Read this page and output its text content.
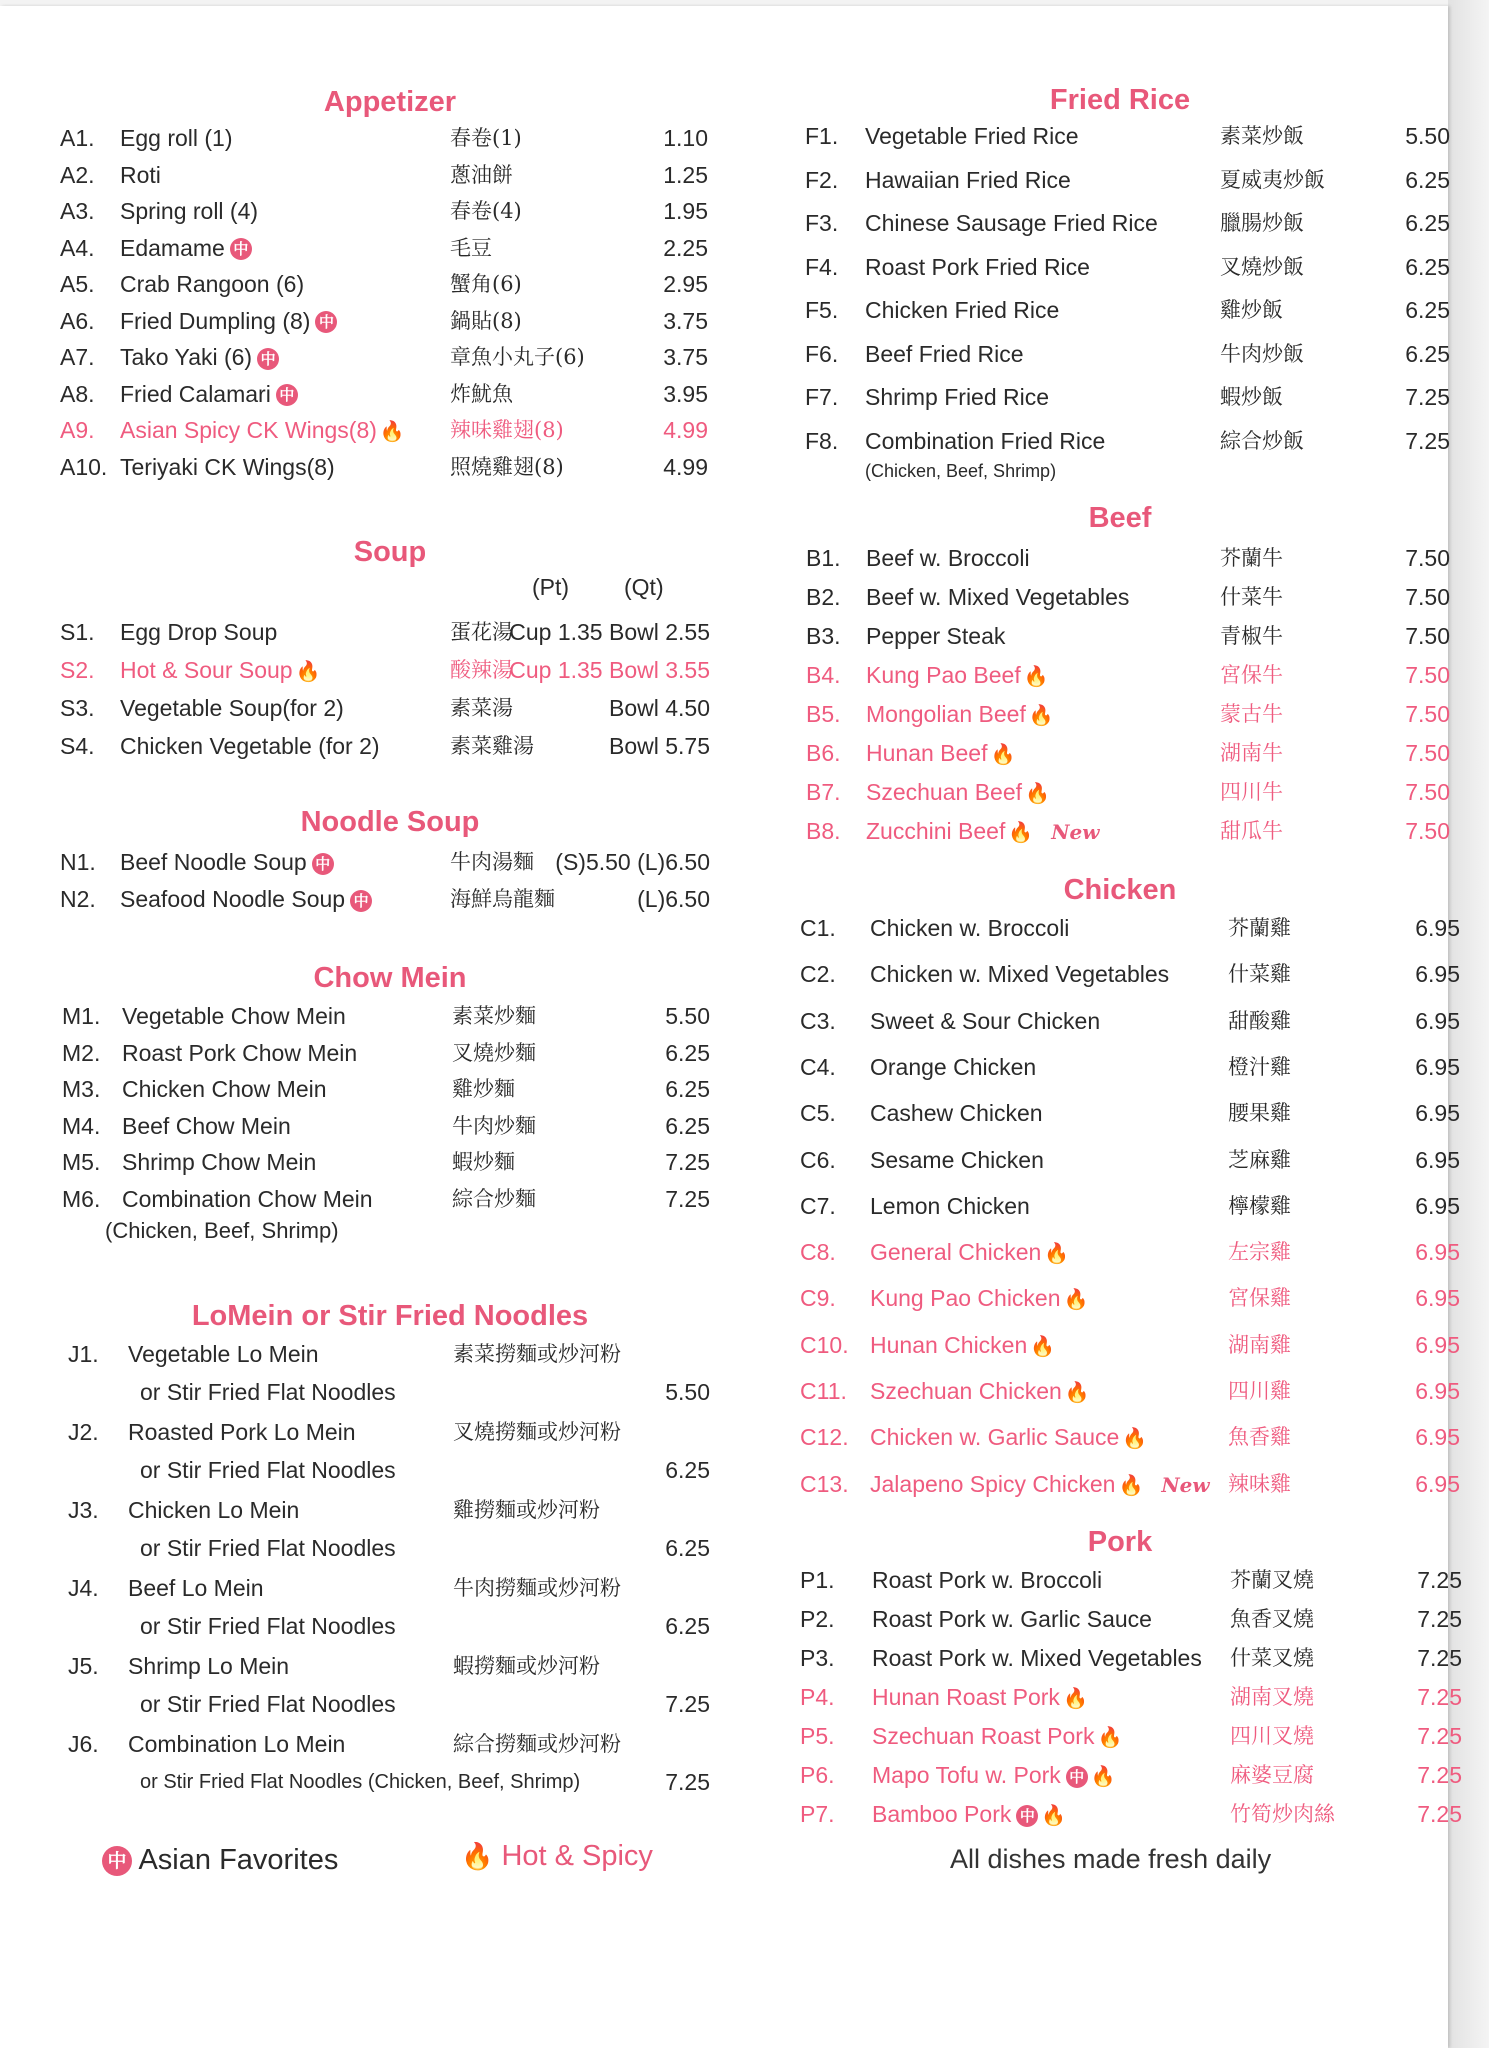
Appetizer
A1. Egg roll (1)	春卷(1)	1.10
A2. Roti	蔥油餅	1.25
A3. Spring roll (4)	春卷(4)	1.95
A4. Edamame 中	毛豆	2.25
A5. Crab Rangoon (6)	蟹角(6)	2.95
A6. Fried Dumpling (8) 中	鍋貼(8)	3.75
A7. Tako Yaki (6) 中	章魚小丸子(6)	3.75
A8. Fried Calamari 中	炸魷魚	3.95
A9. Asian Spicy CK Wings(8) 🔥 辣味雞翅(8)	4.99
A10. Teriyaki CK Wings(8)	照燒雞翅(8)	4.99
Soup
(Pt) (Qt)
S1. Egg Drop Soup	蛋花湯
Cup 1.35 Bowl 2.55
S2. Hot & Sour Soup 🔥	酸辣湯
Cup 1.35 Bowl 3.55
S3. Vegetable Soup(for 2)	素菜湯	Bowl 4.50
S4. Chicken Vegetable (for 2)	素菜雞湯	Bowl 5.75
Noodle Soup
N1. Beef Noodle Soup 中	牛肉湯麵 (S)5.50 (L)6.50
N2. Seafood Noodle Soup 中	海鮮烏龍麵	(L)6.50
Chow Mein
(Chicken, Beef, Shrimp)
M1. Vegetable Chow Mein	素菜炒麵	5.50
M2. Roast Pork Chow Mein	叉燒炒麵	6.25
M3. Chicken Chow Mein	雞炒麵	6.25
M4. Beef Chow Mein	牛肉炒麵	6.25
M5. Shrimp Chow Mein	蝦炒麵	7.25
M6. Combination Chow Mein	綜合炒麵	7.25
LoMein or Stir Fried Noodles
J1. Vegetable Lo Mein	素菜撈麵或炒河粉
5.50
or Stir Fried Flat Noodles
J2. Roasted Pork Lo Mein	叉燒撈麵或炒河粉
6.25
or Stir Fried Flat Noodles
J3. Chicken Lo Mein	雞撈麵或炒河粉
6.25
or Stir Fried Flat Noodles
J4. Beef Lo Mein	牛肉撈麵或炒河粉
6.25
or Stir Fried Flat Noodles
J5. Shrimp Lo Mein	蝦撈麵或炒河粉
7.25
or Stir Fried Flat Noodles
J6. Combination Lo Mein	綜合撈麵或炒河粉
7.25
or Stir Fried Flat Noodles (Chicken, Beef, Shrimp)
中 Asian Favorites	🔥 Hot & Spicy
Fried Rice
F1. Vegetable Fried Rice	素菜炒飯	5.50
F2. Hawaiian Fried Rice	夏威夷炒飯	6.25
F3. Chinese Sausage Fried Rice	臘腸炒飯	6.25
F4. Roast Pork Fried Rice	叉燒炒飯	6.25
F5. Chicken Fried Rice	雞炒飯	6.25
F6. Beef Fried Rice	牛肉炒飯	6.25
F7. Shrimp Fried Rice	蝦炒飯	7.25
F8. Combination Fried Rice	綜合炒飯	7.25
(Chicken, Beef, Shrimp)
Beef
B1. Beef w. Broccoli	芥蘭牛	7.50
B2. Beef w. Mixed Vegetables	什菜牛	7.50
B3. Pepper Steak	青椒牛	7.50
B4. Kung Pao Beef 🔥	宮保牛	7.50
B5. Mongolian Beef 🔥	蒙古牛	7.50
B6. Hunan Beef 🔥	湖南牛	7.50
B7. Szechuan Beef 🔥	四川牛	7.50
B8. Zucchini Beef 🔥 New	甜瓜牛	7.50
Chicken
C1. Chicken w. Broccoli	芥蘭雞	6.95
C2. Chicken w. Mixed Vegetables	什菜雞	6.95
C3. Sweet & Sour Chicken	甜酸雞	6.95
C4. Orange Chicken	橙汁雞	6.95
C5. Cashew Chicken	腰果雞	6.95
C6. Sesame Chicken	芝麻雞	6.95
C7. Lemon Chicken	檸檬雞	6.95
C8. General Chicken 🔥	左宗雞	6.95
C9. Kung Pao Chicken 🔥	宮保雞	6.95
C10. Hunan Chicken 🔥	湖南雞	6.95
C11. Szechuan Chicken 🔥	四川雞	6.95
C12. Chicken w. Garlic Sauce 🔥	魚香雞	6.95
C13. Jalapeno Spicy Chicken 🔥 New 辣味雞	6.95
Pork
P1. Roast Pork w. Broccoli	芥蘭叉燒	7.25
P2. Roast Pork w. Garlic Sauce	魚香叉燒	7.25
P3. Roast Pork w. Mixed Vegetables 什菜叉燒	7.25
P4. Hunan Roast Pork 🔥	湖南叉燒	7.25
P5. Szechuan Roast Pork 🔥	四川叉燒	7.25
P6. Mapo Tofu w. Pork 中 🔥	麻婆豆腐	7.25
P7. Bamboo Pork 中 🔥	竹筍炒肉絲	7.25
All dishes made fresh daily
